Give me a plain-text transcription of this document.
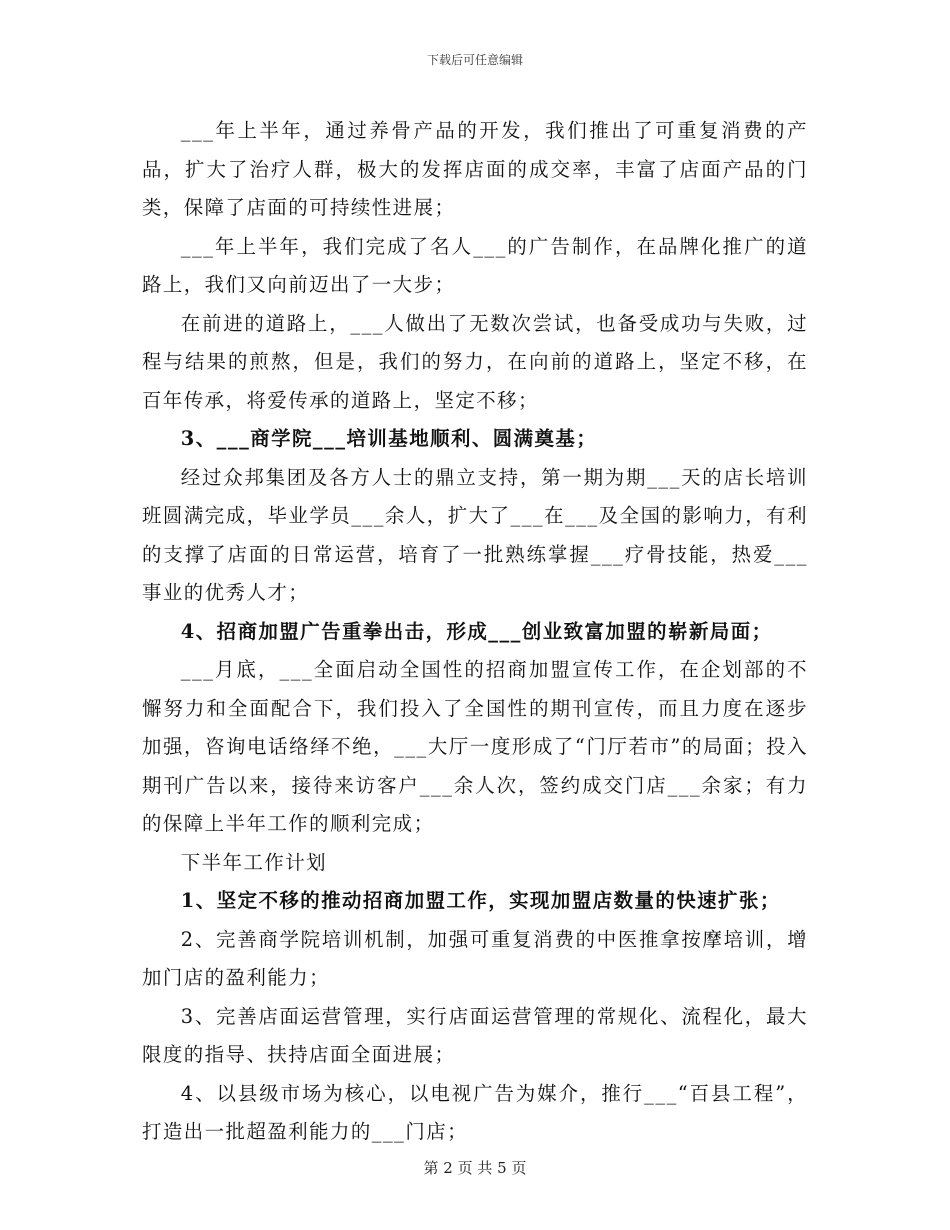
下载后可任意编辑

___年上半年，通过养骨产品的开发，我们推出了可重复消费的产品，扩大了治疗人群，极大的发挥店面的成交率，丰富了店面产品的门类，保障了店面的可持续性进展；

___年上半年，我们完成了名人___的广告制作，在品牌化推广的道路上，我们又向前迈出了一大步；

在前进的道路上，___人做出了无数次尝试，也备受成功与失败，过程与结果的煎熬，但是，我们的努力，在向前的道路上，坚定不移，在百年传承，将爱传承的道路上，坚定不移；

3、___商学院___培训基地顺利、圆满奠基；

经过众邦集团及各方人士的鼎立支持，第一期为期___天的店长培训班圆满完成，毕业学员___余人，扩大了___在___及全国的影响力，有利的支撑了店面的日常运营，培育了一批熟练掌握___疗骨技能，热爱___事业的优秀人才；

4、招商加盟广告重拳出击，形成___创业致富加盟的崭新局面；

___月底，___全面启动全国性的招商加盟宣传工作，在企划部的不懈努力和全面配合下，我们投入了全国性的期刊宣传，而且力度在逐步加强，咨询电话络绎不绝，___大厅一度形成了“门厅若市”的局面；投入期刊广告以来，接待来访客户___余人次，签约成交门店___余家；有力的保障上半年工作的顺利完成；

下半年工作计划

1、坚定不移的推动招商加盟工作，实现加盟店数量的快速扩张；

2、完善商学院培训机制，加强可重复消费的中医推拿按摩培训，增加门店的盈利能力；

3、完善店面运营管理，实行店面运营管理的常规化、流程化，最大限度的指导、扶持店面全面进展；

4、以县级市场为核心，以电视广告为媒介，推行___“百县工程”，打造出一批超盈利能力的___门店；

第 2 页 共 5 页
